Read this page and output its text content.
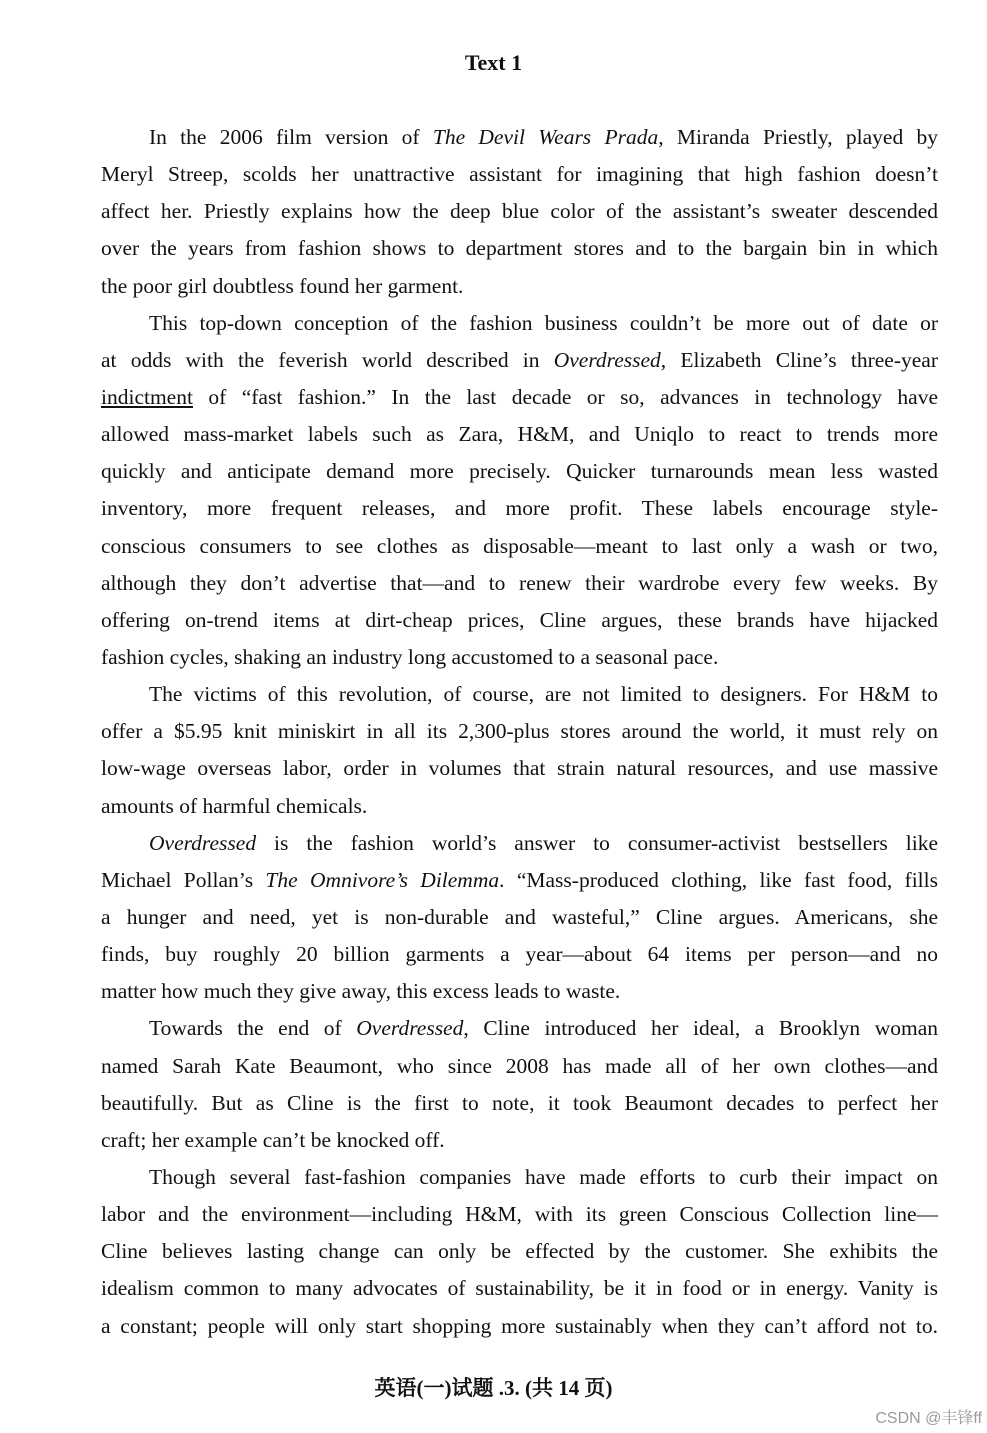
Text 1
In the 2006 film version of The Devil Wears Prada, Miranda Priestly, played by
Meryl Streep, scolds her unattractive assistant for imagining that high fashion doesn’t
affect her. Priestly explains how the deep blue color of the assistant’s sweater descended
over the years from fashion shows to department stores and to the bargain bin in which
the poor girl doubtless found her garment.
This top-down conception of the fashion business couldn’t be more out of date or
at odds with the feverish world described in Overdressed, Elizabeth Cline’s three-year
indictment of “fast fashion.” In the last decade or so, advances in technology have
allowed mass-market labels such as Zara, H&M, and Uniqlo to react to trends more
quickly and anticipate demand more precisely. Quicker turnarounds mean less wasted
inventory, more frequent releases, and more profit. These labels encourage style-
conscious consumers to see clothes as disposable—meant to last only a wash or two,
although they don’t advertise that—and to renew their wardrobe every few weeks. By
offering on-trend items at dirt-cheap prices, Cline argues, these brands have hijacked
fashion cycles, shaking an industry long accustomed to a seasonal pace.
The victims of this revolution, of course, are not limited to designers. For H&M to
offer a $5.95 knit miniskirt in all its 2,300-plus stores around the world, it must rely on
low-wage overseas labor, order in volumes that strain natural resources, and use massive
amounts of harmful chemicals.
Overdressed is the fashion world’s answer to consumer-activist bestsellers like
Michael Pollan’s The Omnivore’s Dilemma. “Mass-produced clothing, like fast food, fills
a hunger and need, yet is non-durable and wasteful,” Cline argues. Americans, she
finds, buy roughly 20 billion garments a year—about 64 items per person—and no
matter how much they give away, this excess leads to waste.
Towards the end of Overdressed, Cline introduced her ideal, a Brooklyn woman
named Sarah Kate Beaumont, who since 2008 has made all of her own clothes—and
beautifully. But as Cline is the first to note, it took Beaumont decades to perfect her
craft; her example can’t be knocked off.
Though several fast-fashion companies have made efforts to curb their impact on
labor and the environment—including H&M, with its green Conscious Collection line—
Cline believes lasting change can only be effected by the customer. She exhibits the
idealism common to many advocates of sustainability, be it in food or in energy. Vanity is
a constant; people will only start shopping more sustainably when they can’t afford not to.
英语(一)试题 .3. (共 14 页)
CSDN @丰锋ff
